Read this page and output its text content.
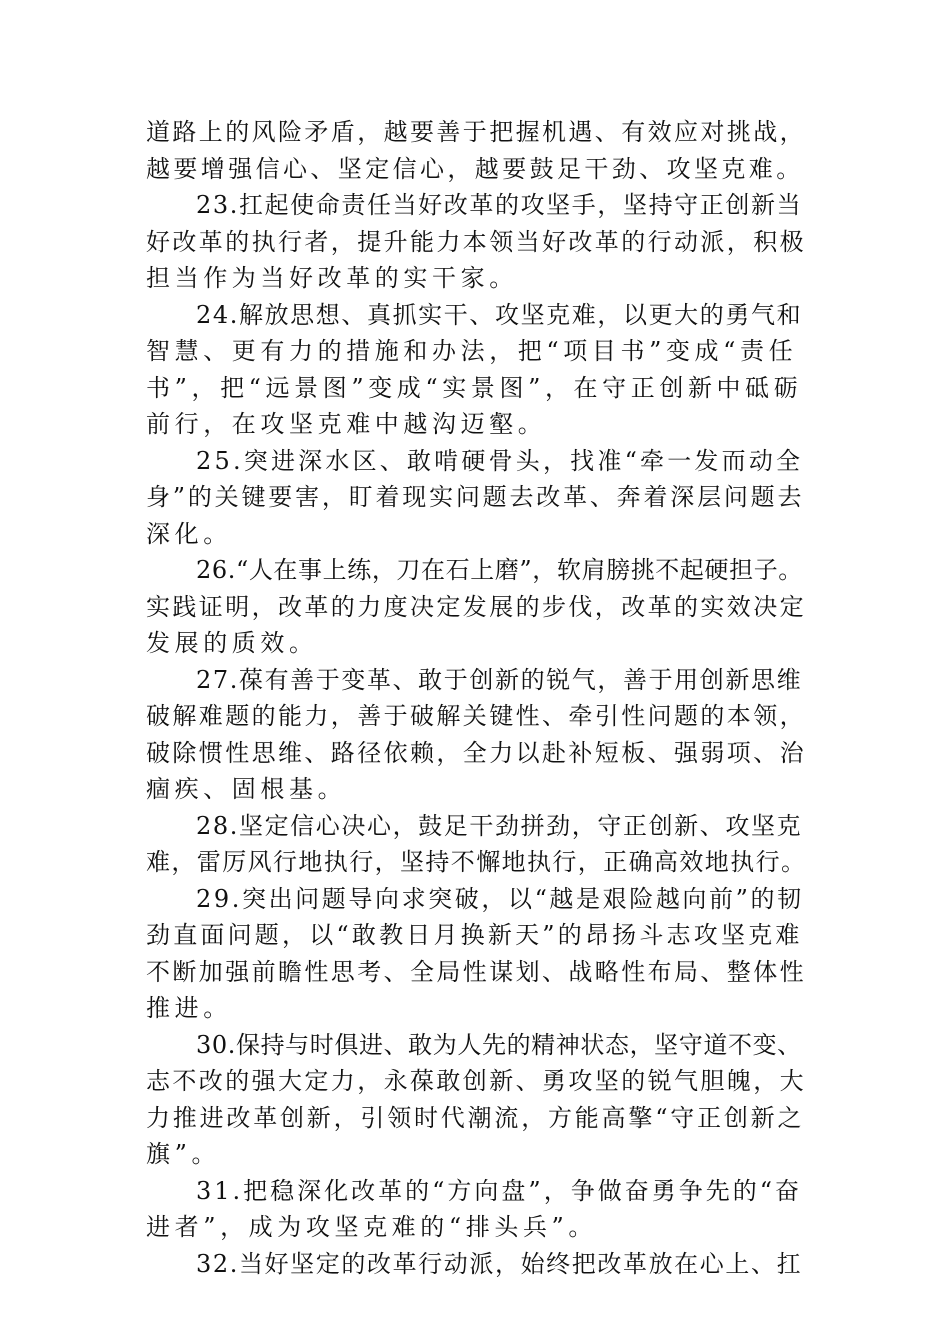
道路上的风险矛盾，越要善于把握机遇、有效应对挑战，
越要增强信心、坚定信心，越要鼓足干劲、攻坚克难。
23.扛起使命责任当好改革的攻坚手，坚持守正创新当
好改革的执行者，提升能力本领当好改革的行动派，积极
担当作为当好改革的实干家。
24.解放思想、真抓实干、攻坚克难，以更大的勇气和
智慧、更有力的措施和办法，把“项目书”变成“责任
书”，把“远景图”变成“实景图”，在守正创新中砥砺
前行，在攻坚克难中越沟迈壑。
25.突进深水区、敢啃硬骨头，找准“牵一发而动全
身”的关键要害，盯着现实问题去改革、奔着深层问题去
深化。
26.“人在事上练，刀在石上磨”，软肩膀挑不起硬担子。
实践证明，改革的力度决定发展的步伐，改革的实效决定
发展的质效。
27.葆有善于变革、敢于创新的锐气，善于用创新思维
破解难题的能力，善于破解关键性、牵引性问题的本领，
破除惯性思维、路径依赖，全力以赴补短板、强弱项、治
痼疾、固根基。
28.坚定信心决心，鼓足干劲拼劲，守正创新、攻坚克
难，雷厉风行地执行，坚持不懈地执行，正确高效地执行。
29.突出问题导向求突破，以“越是艰险越向前”的韧
劲直面问题，以“敢教日月换新天”的昂扬斗志攻坚克难
不断加强前瞻性思考、全局性谋划、战略性布局、整体性
推进。
30.保持与时俱进、敢为人先的精神状态，坚守道不变、
志不改的强大定力，永葆敢创新、勇攻坚的锐气胆魄，大
力推进改革创新，引领时代潮流，方能高擎“守正创新之
旗”。
31.把稳深化改革的“方向盘”，争做奋勇争先的“奋
进者”，成为攻坚克难的“排头兵”。
32.当好坚定的改革行动派，始终把改革放在心上、扛
